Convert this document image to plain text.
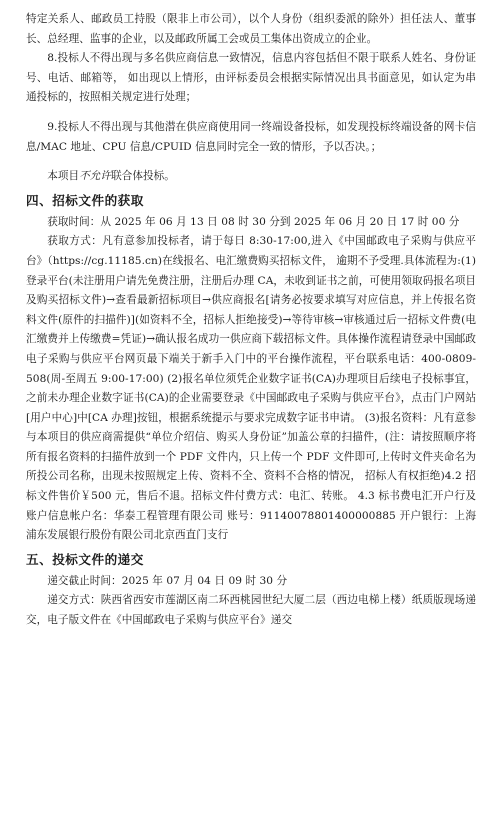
特定关系人、邮政员工持股（限非上市公司），以个人身份（组织委派的除外）担任法人、董事长、总经理、监事的企业，以及邮政所属工会或员工集体出资成立的企业。

8.投标人不得出现与多名供应商信息一致情况，信息内容包括但不限于联系人姓名、身份证号、电话、邮箱等， 如出现以上情形，由评标委员会根据实际情况出具书面意见，如认定为串通投标的，按照相关规定进行处理；

9.投标人不得出现与其他潜在供应商使用同一终端设备投标，如发现投标终端设备的网卡信息/MAC 地址、CPU 信息/CPUID 信息同时完全一致的情形，予以否决。；

本项目不允许联合体投标。

四、招标文件的获取

获取时间：从 2025 年 06 月 13 日 08 时 30 分到 2025 年 06 月 20 日 17 时 00 分

获取方式：凡有意参加投标者，请于每日 8:30-17:00,进入《中国邮政电子采购与供应平台》（https://cg.11185.cn)在线报名、电汇缴费购买招标文件， 逾期不予受理.具体流程为:(1)登录平台(未注册用户请先免费注册，注册后办理 CA，未收到证书之前，可使用领取码报名项目及购买招标文件)→查看最新招标项目→供应商报名[请务必按要求填写对应信息，并上传报名资料文件(原件的扫描件)](如资料不全，招标人拒绝接受)→等待审核→审核通过后一招标文件费(电汇缴费并上传缴费=凭证)→确认报名成功一供应商下载招标文件。具体操作流程请登录中国邮政电子采购与供应平台网页最下端关于新手入门中的平台操作流程，平台联系电话：400-0809-508(周-至周五 9:00-17:00) (2)报名单位须凭企业数字证书(CA)办理项目后续电子投标事宜，之前未办理企业数字证书(CA)的企业需要登录《中国邮政电子采购与供应平台》，点击门户网站[用户中心]中[CA 办理]按钮，根据系统提示与要求完成数字证书申请。 (3)报名资料：凡有意参与本项目的供应商需提供“单位介绍信、购买人身份证”加盖公章的扫描件，(注：请按照顺序将所有报名资料的扫描件放到一个 PDF 文件内，只上传一个 PDF 文件即可,上传时文件夹命名为所投公司名称，出现未按照规定上传、资料不全、资料不合格的情况， 招标人有权拒绝)4.2 招标文件售价￥500 元，售后不退。招标文件付费方式：电汇、转账。 4.3 标书费电汇开户行及账户信息帐户名：华泰工程管理有限公司 账号：91140078801400000885 开户银行：上海浦东发展银行股份有限公司北京西直门支行

五、投标文件的递交

递交截止时间：2025 年 07 月 04 日 09 时 30 分

递交方式：陕西省西安市莲湖区南二环西桃园世纪大厦二层（西边电梯上楼）纸质版现场递交，电子版文件在《中国邮政电子采购与供应平台》递交
